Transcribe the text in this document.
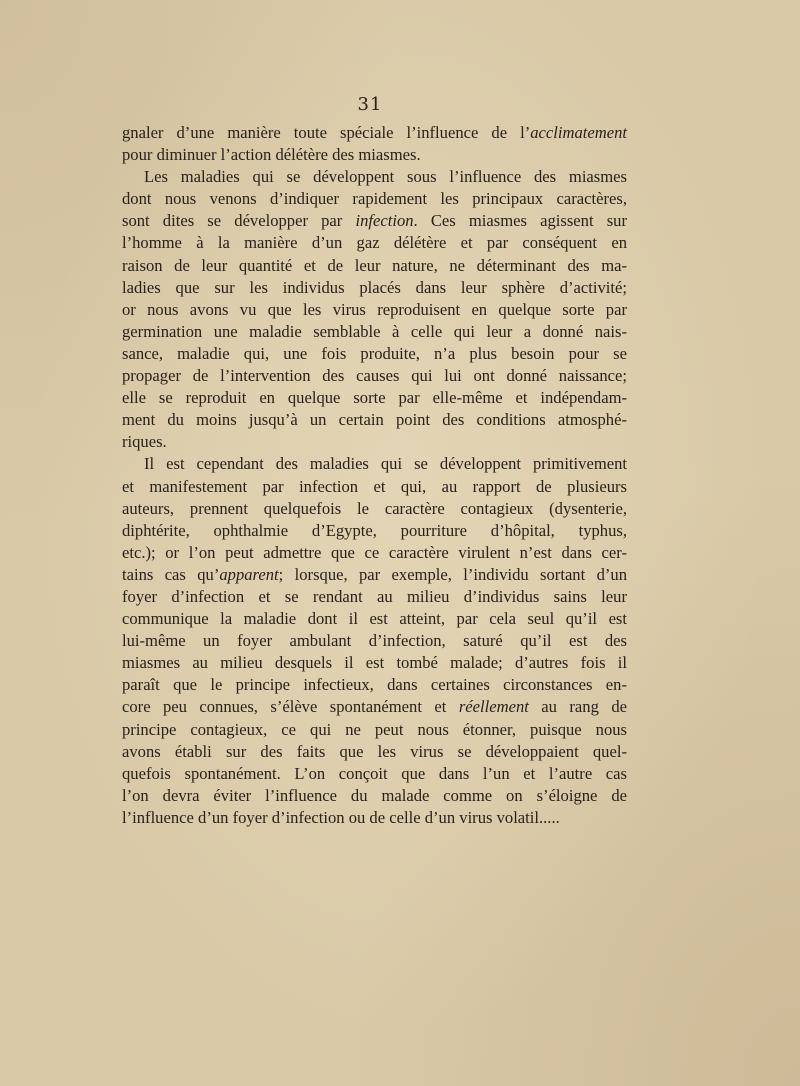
31
gnaler d’une manière toute spéciale l’influence de l’acclimatement
pour diminuer l’action délétère des miasmes.
Les maladies qui se développent sous l’influence des miasmes
dont nous venons d’indiquer rapidement les principaux caractères,
sont dites se développer par infection. Ces miasmes agissent sur
l’homme à la manière d’un gaz délétère et par conséquent en
raison de leur quantité et de leur nature, ne déterminant des ma-
ladies que sur les individus placés dans leur sphère d’activité;
or nous avons vu que les virus reproduisent en quelque sorte par
germination une maladie semblable à celle qui leur a donné nais-
sance, maladie qui, une fois produite, n’a plus besoin pour se
propager de l’intervention des causes qui lui ont donné naissance;
elle se reproduit en quelque sorte par elle-même et indépendam-
ment du moins jusqu’à un certain point des conditions atmosphé-
riques.
Il est cependant des maladies qui se développent primitivement
et manifestement par infection et qui, au rapport de plusieurs
auteurs, prennent quelquefois le caractère contagieux (dysenterie,
diphtérite, ophthalmie d’Egypte, pourriture d’hôpital, typhus,
etc.); or l’on peut admettre que ce caractère virulent n’est dans cer-
tains cas qu’apparent; lorsque, par exemple, l’individu sortant d’un
foyer d’infection et se rendant au milieu d’individus sains leur
communique la maladie dont il est atteint, par cela seul qu’il est
lui-même un foyer ambulant d’infection, saturé qu’il est des
miasmes au milieu desquels il est tombé malade; d’autres fois il
paraît que le principe infectieux, dans certaines circonstances en-
core peu connues, s’élève spontanément et réellement au rang de
principe contagieux, ce qui ne peut nous étonner, puisque nous
avons établi sur des faits que les virus se développaient quel-
quefois spontanément. L’on conçoit que dans l’un et l’autre cas
l’on devra éviter l’influence du malade comme on s’éloigne de
l’influence d’un foyer d’infection ou de celle d’un virus volatil.....
